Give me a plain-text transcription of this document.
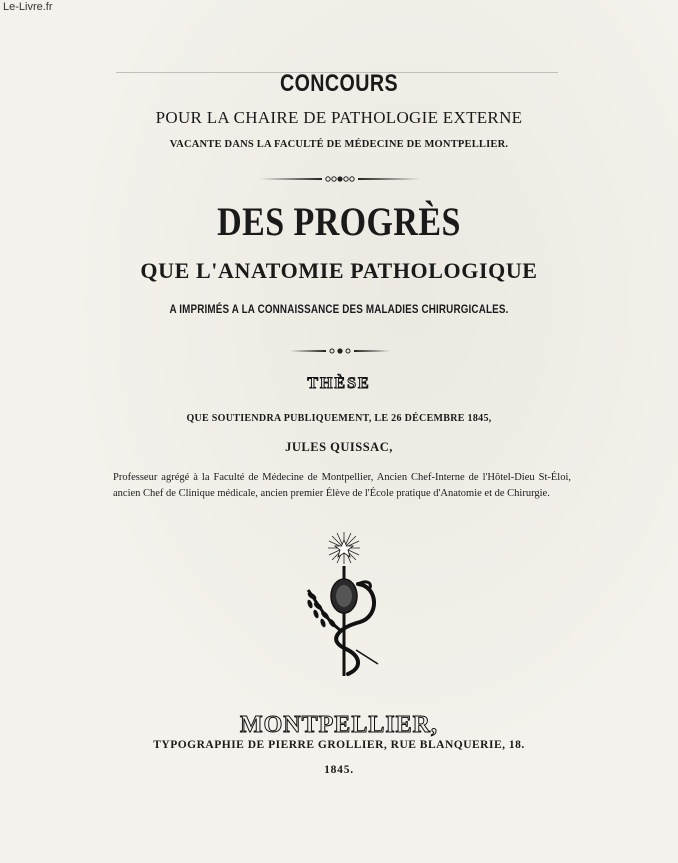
Le-Livre.fr
CONCOURS
POUR LA CHAIRE DE PATHOLOGIE EXTERNE
VACANTE DANS LA FACULTÉ DE MÉDECINE DE MONTPELLIER.
DES PROGRÈS
QUE L'ANATOMIE PATHOLOGIQUE
A IMPRIMÉS A LA CONNAISSANCE DES MALADIES CHIRURGICALES.
THÈSE
QUE SOUTIENDRA PUBLIQUEMENT, LE 26 DÉCEMBRE 1845,
JULES QUISSAC,
Professeur agrégé à la Faculté de Médecine de Montpellier, Ancien Chef-Interne de l'Hôtel-Dieu St-Éloi, ancien Chef de Clinique médicale, ancien premier Élève de l'École pratique d'Anatomie et de Chirurgie.
MONTPELLIER,
TYPOGRAPHIE DE PIERRE GROLLIER, RUE BLANQUERIE, 18.
1845.
